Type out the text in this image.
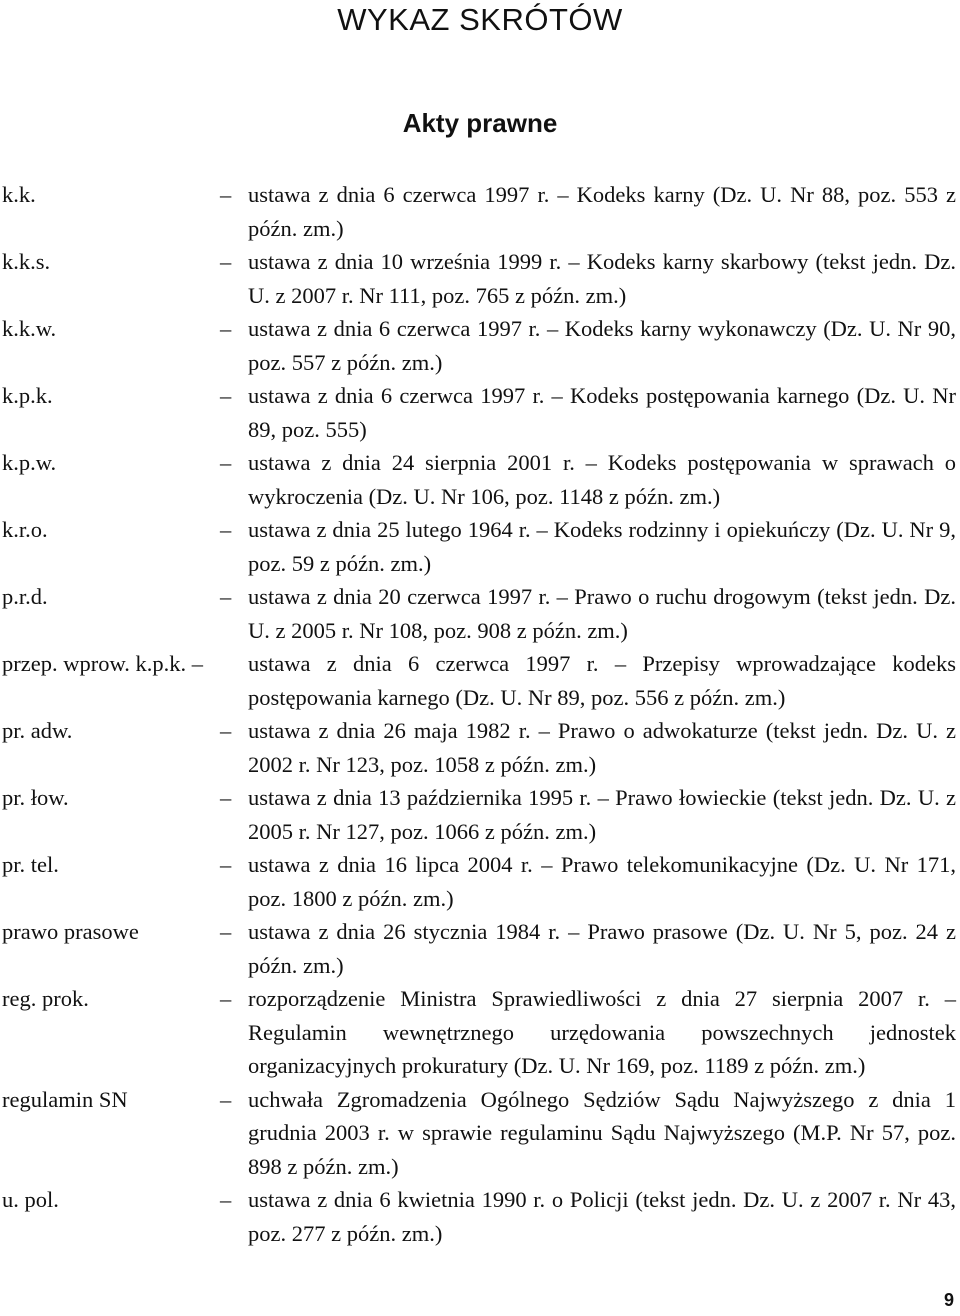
WYKAZ SKRÓTÓW
Akty prawne
k.k.	– ustawa z dnia 6 czerwca 1997 r. – Kodeks karny (Dz. U. Nr 88, poz. 553 z późn. zm.)
k.k.s.	– ustawa z dnia 10 września 1999 r. – Kodeks karny skarbowy (tekst jedn. Dz. U. z 2007 r. Nr 111, poz. 765 z późn. zm.)
k.k.w.	– ustawa z dnia 6 czerwca 1997 r. – Kodeks karny wykonawczy (Dz. U. Nr 90, poz. 557 z późn. zm.)
k.p.k.	– ustawa z dnia 6 czerwca 1997 r. – Kodeks postępowania karnego (Dz. U. Nr 89, poz. 555)
k.p.w.	– ustawa z dnia 24 sierpnia 2001 r. – Kodeks postępowania w sprawach o wykroczenia (Dz. U. Nr 106, poz. 1148 z późn. zm.)
k.r.o.	– ustawa z dnia 25 lutego 1964 r. – Kodeks rodzinny i opiekuńczy (Dz. U. Nr 9, poz. 59 z późn. zm.)
p.r.d.	– ustawa z dnia 20 czerwca 1997 r. – Prawo o ruchu drogowym (tekst jedn. Dz. U. z 2005 r. Nr 108, poz. 908 z późn. zm.)
przep. wprow. k.p.k. – ustawa z dnia 6 czerwca 1997 r. – Przepisy wprowadzające kodeks postępowania karnego (Dz. U. Nr 89, poz. 556 z późn. zm.)
pr. adw.	– ustawa z dnia 26 maja 1982 r. – Prawo o adwokaturze (tekst jedn. Dz. U. z 2002 r. Nr 123, poz. 1058 z późn. zm.)
pr. łow.	– ustawa z dnia 13 października 1995 r. – Prawo łowieckie (tekst jedn. Dz. U. z 2005 r. Nr 127, poz. 1066 z późn. zm.)
pr. tel.	– ustawa z dnia 16 lipca 2004 r. – Prawo telekomunikacyjne (Dz. U. Nr 171, poz. 1800 z późn. zm.)
prawo prasowe	– ustawa z dnia 26 stycznia 1984 r. – Prawo prasowe (Dz. U. Nr 5, poz. 24 z późn. zm.)
reg. prok.	– rozporządzenie Ministra Sprawiedliwości z dnia 27 sierpnia 2007 r. – Regulamin wewnętrznego urzędowania powszechnych jednostek organizacyjnych prokuratury (Dz. U. Nr 169, poz. 1189 z późn. zm.)
regulamin SN	– uchwała Zgromadzenia Ogólnego Sędziów Sądu Najwyższego z dnia 1 grudnia 2003 r. w sprawie regulaminu Sądu Najwyższego (M.P. Nr 57, poz. 898 z późn. zm.)
u. pol.	– ustawa z dnia 6 kwietnia 1990 r. o Policji (tekst jedn. Dz. U. z 2007 r. Nr 43, poz. 277 z późn. zm.)
9
